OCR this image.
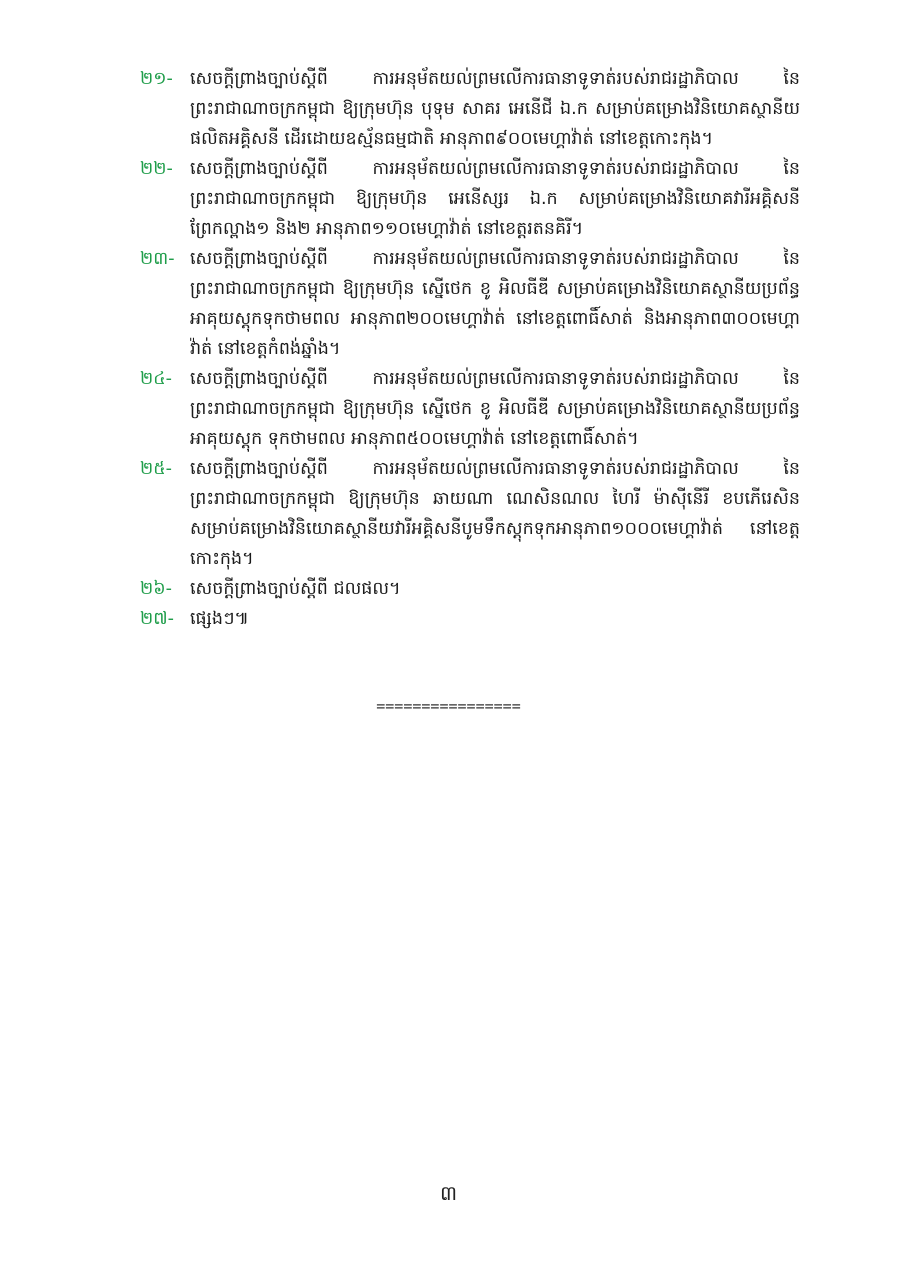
២១- សេចក្ដីព្រាងច្បាប់ស្ដីពី ការអនុម័តយល់ព្រមលើការធានាទូទាត់របស់រាជរដ្ឋាភិបាល នៃព្រះរាជាណាចក្រកម្ពុជា ឱ្យក្រុមហ៊ុន បុទុម សាគរ អេនើជី ឯ.ក សម្រាប់គម្រោងវិនិយោគស្ថានីយផលិតអគ្គិសនី ដើរដោយឧស្ម័នធម្មជាតិ អានុភាព៩០០មេហ្គាវ៉ាត់ នៅខេត្តកោះកុង។
២២- សេចក្ដីព្រាងច្បាប់ស្ដីពី ការអនុម័តយល់ព្រមលើការធានាទូទាត់របស់រាជរដ្ឋាភិបាល នៃព្រះរាជាណាចក្រកម្ពុជា ឱ្យក្រុមហ៊ុន អេនើស្សរ ឯ.ក សម្រាប់គម្រោងវិនិយោគវារីអគ្គិសនីព្រែកល្ពាង១ និង២ អានុភាព១១០មេហ្គាវ៉ាត់ នៅខេត្តរតនគិរី។
២៣- សេចក្ដីព្រាងច្បាប់ស្ដីពី ការអនុម័តយល់ព្រមលើការធានាទូទាត់របស់រាជរដ្ឋាភិបាល នៃព្រះរាជាណាចក្រកម្ពុជា ឱ្យក្រុមហ៊ុន ស្នើថេក ខូ អិលធីឌី សម្រាប់គម្រោងវិនិយោគស្ថានីយប្រព័ន្ធអាគុយស្តុកទុកថាមពល អានុភាព២០០មេហ្គាវ៉ាត់ នៅខេត្តពោធិ៍សាត់ និងអានុភាព៣០០មេហ្គាវ៉ាត់ នៅខេត្តកំពង់ឆ្នាំង។
២៤-	សេចក្ដីព្រាងច្បាប់ស្ដីពី ការអនុម័តយល់ព្រមលើការធានាទូទាត់របស់រាជរដ្ឋាភិបាល នៃព្រះរាជាណាចក្រកម្ពុជា ឱ្យក្រុមហ៊ុន ស្នើថេក ខូ អិលធីឌី សម្រាប់គម្រោងវិនិយោគស្ថានីយប្រព័ន្ធអាគុយស្តុក ទុកថាមពល អានុភាព៥០០មេហ្គាវ៉ាត់ នៅខេត្តពោធិ៍សាត់។
២៥-	សេចក្ដីព្រាងច្បាប់ស្ដីពី ការអនុម័តយល់ព្រមលើការធានាទូទាត់របស់រាជរដ្ឋាភិបាល នៃព្រះរាជាណាចក្រកម្ពុជា ឱ្យក្រុមហ៊ុន ឆាយណា ណេសិនណល ហៃរី ម៉ាស៊ីនើរី ខបភើរេសិន សម្រាប់គម្រោងវិនិយោគស្ថានីយវារីអគ្គិសនីបូមទឹកស្តុកទុកអានុភាព១០០០មេហ្គាវ៉ាត់ នៅខេត្តកោះកុង។
២៦-	សេចក្ដីព្រាងច្បាប់ស្ដីពី ជលផល។
២៧- ផ្សេងៗ៕
================
៣
